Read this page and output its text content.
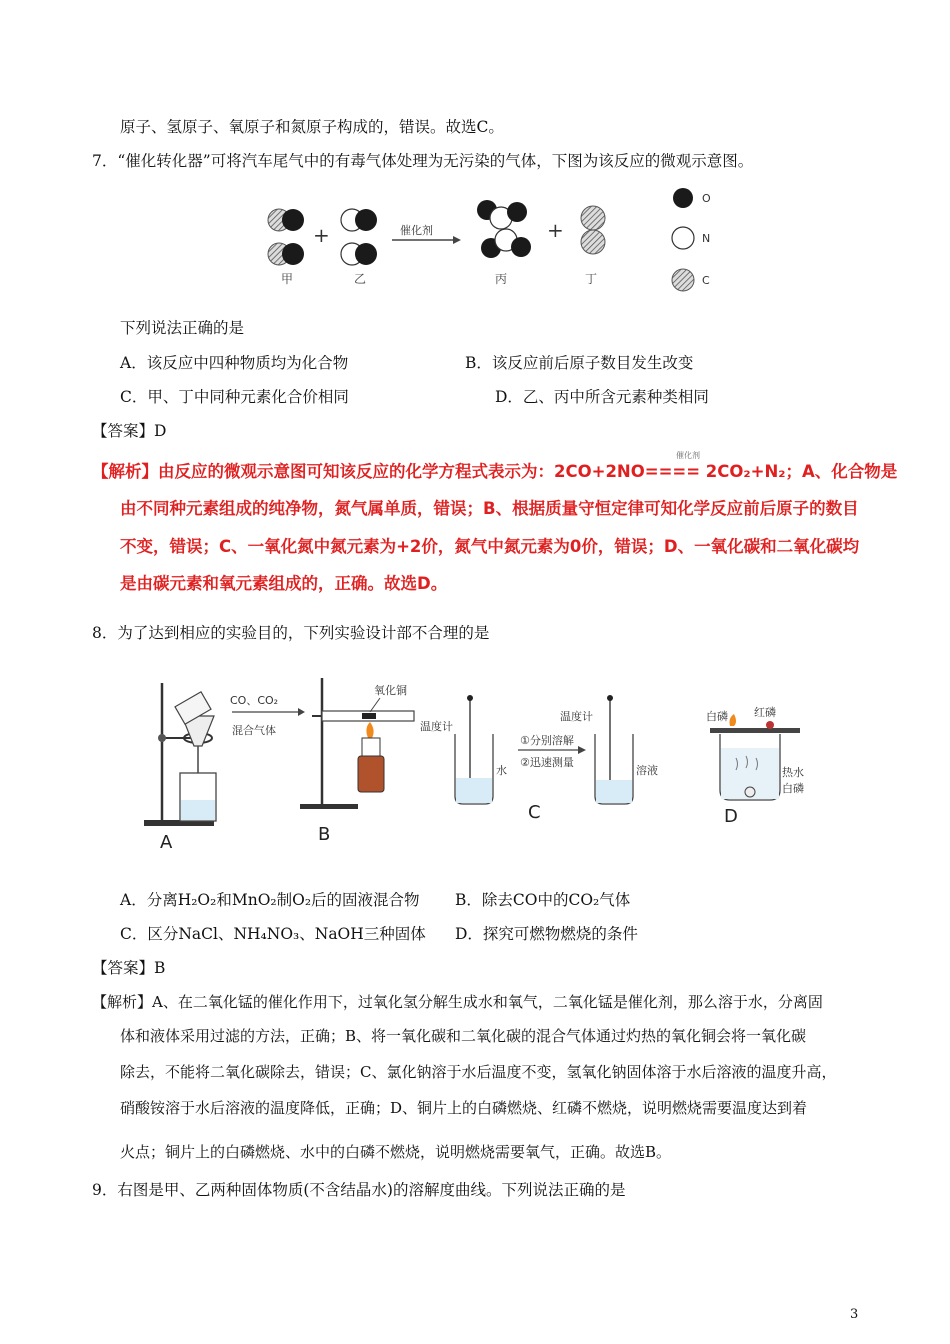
原子、氢原子、氧原子和氮原子构成的，错误。故选C。
7．“催化转化器”可将汽车尾气中的有毒气体处理为无污染的气体，下图为该反应的微观示意图。
+	催化剂	+
甲	乙	丙	丁
O
N
C
下列说法正确的是
A．该反应中四种物质均为化合物	B．该反应前后原子数目发生改变
C．甲、丁中同种元素化合价相同	D．乙、丙中所含元素种类相同
【答案】D
【解析】由反应的微观示意图可知该反应的化学方程式表示为：2CO+2NO==== 2CO₂+N₂；A、化合物是
催化剂
由不同种元素组成的纯净物，氮气属单质，错误；B、根据质量守恒定律可知化学反应前后原子的数目
不变，错误；C、一氧化氮中氮元素为+2价，氮气中氮元素为0价，错误；D、一氧化碳和二氧化碳均
是由碳元素和氧元素组成的，正确。故选D。
8．为了达到相应的实验目的，下列实验设计部不合理的是
A
CO、CO₂
混合气体
氧化铜
B
温度计
水
①分别溶解
②迅速测量
温度计
溶液
C
白磷 红磷
热水
白磷
D
A．分离H₂O₂和MnO₂制O₂后的固液混合物 B．除去CO中的CO₂气体
C．区分NaCl、NH₄NO₃、NaOH三种固体 D．探究可燃物燃烧的条件
【答案】B
【解析】A、在二氧化锰的催化作用下，过氧化氢分解生成水和氧气，二氧化锰是催化剂，那么溶于水，分离固
体和液体采用过滤的方法，正确；B、将一氧化碳和二氧化碳的混合气体通过灼热的氧化铜会将一氧化碳
除去，不能将二氧化碳除去，错误；C、氯化钠溶于水后温度不变，氢氧化钠固体溶于水后溶液的温度升高，
硝酸铵溶于水后溶液的温度降低，正确；D、铜片上的白磷燃烧、红磷不燃烧，说明燃烧需要温度达到着
火点；铜片上的白磷燃烧、水中的白磷不燃烧，说明燃烧需要氧气，正确。故选B。
9．右图是甲、乙两种固体物质(不含结晶水)的溶解度曲线。下列说法正确的是
3
